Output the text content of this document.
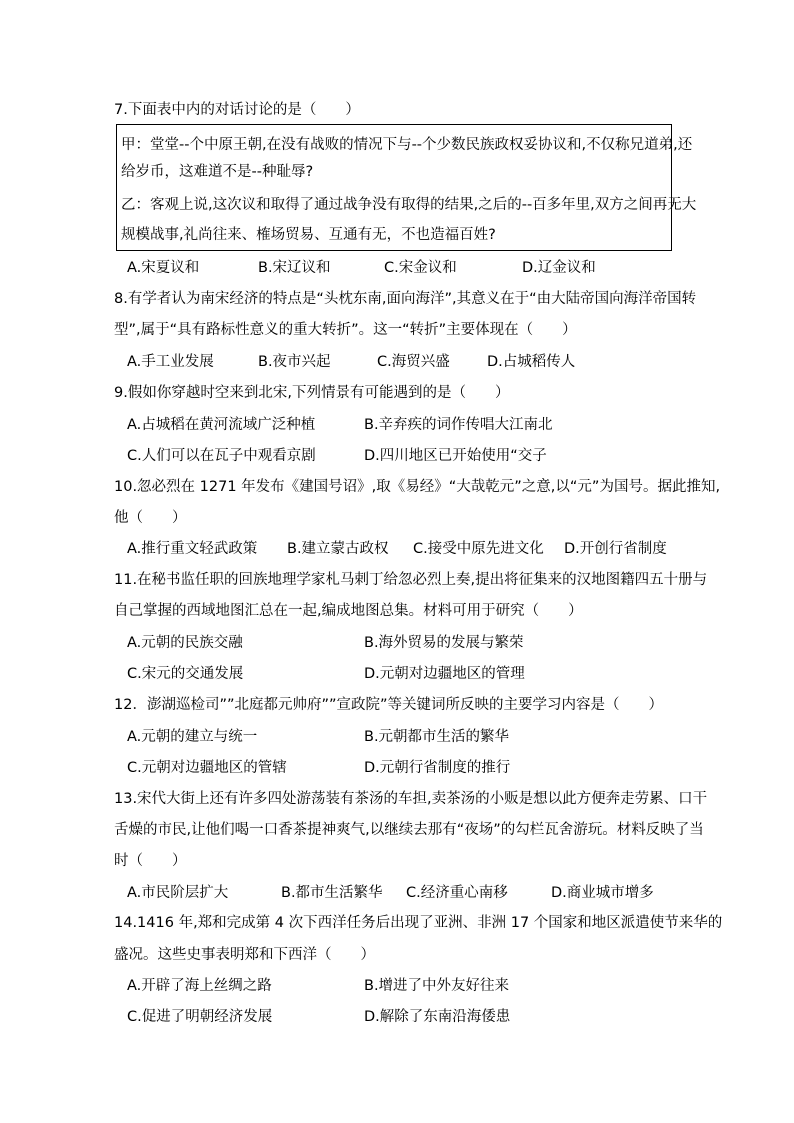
7.下面表中内的对话讨论的是（　　）
甲：堂堂--个中原王朝,在没有战败的情况下与--个少数民族政权妥协议和,不仅称兄道弟,还
给岁币，这难道不是--种耻辱?
乙：客观上说,这次议和取得了通过战争没有取得的结果,之后的--百多年里,双方之间再无大
规模战事,礼尚往来、榷场贸易、互通有无，不也造福百姓?
A.宋夏议和	B.宋辽议和	C.宋金议和	D.辽金议和
8.有学者认为南宋经济的特点是“头枕东南,面向海洋”,其意义在于“由大陆帝国向海洋帝国转
型”,属于“具有路标性意义的重大转折”。这一“转折”主要体现在（　　）
A.手工业发展	B.夜市兴起	C.海贸兴盛	D.占城稻传人
9.假如你穿越时空来到北宋,下列情景有可能遇到的是（　　）
A.占城稻在黄河流域广泛种植	B.辛弃疾的词作传唱大江南北
C.人们可以在瓦子中观看京剧	D.四川地区已开始使用“交子
10.忽必烈在 1271 年发布《建国号诏》,取《易经》“大哉乾元”之意,以“元”为国号。据此推知,
他（　　）
A.推行重文轻武政策 B.建立蒙古政权 C.接受中原先进文化 D.开创行省制度
11.在秘书监任职的回族地理学家札马剌丁给忽必烈上奏,提出将征集来的汉地图籍四五十册与
自己掌握的西域地图汇总在一起,编成地图总集。材料可用于研究（　　）
A.元朝的民族交融	B.海外贸易的发展与繁荣
C.宋元的交通发展	D.元朝对边疆地区的管理
12．澎湖巡检司””北庭都元帅府””宣政院”等关键词所反映的主要学习内容是（　　）
A.元朝的建立与统一	B.元朝都市生活的繁华
C.元朝对边疆地区的管辖	D.元朝行省制度的推行
13.宋代大街上还有许多四处游荡装有茶汤的车担,卖茶汤的小贩是想以此方便奔走劳累、口干
舌燥的市民,让他们喝一口香茶提神爽气,以继续去那有“夜场”的勾栏瓦舍游玩。材料反映了当
时（　　）
A.市民阶层扩大	B.都市生活繁华 C.经济重心南移	D.商业城市增多
14.1416 年,郑和完成第 4 次下西洋任务后出现了亚洲、非洲 17 个国家和地区派遣使节来华的
盛况。这些史事表明郑和下西洋（　　）
A.开辟了海上丝绸之路	B.增进了中外友好往来
C.促进了明朝经济发展	D.解除了东南沿海倭患
